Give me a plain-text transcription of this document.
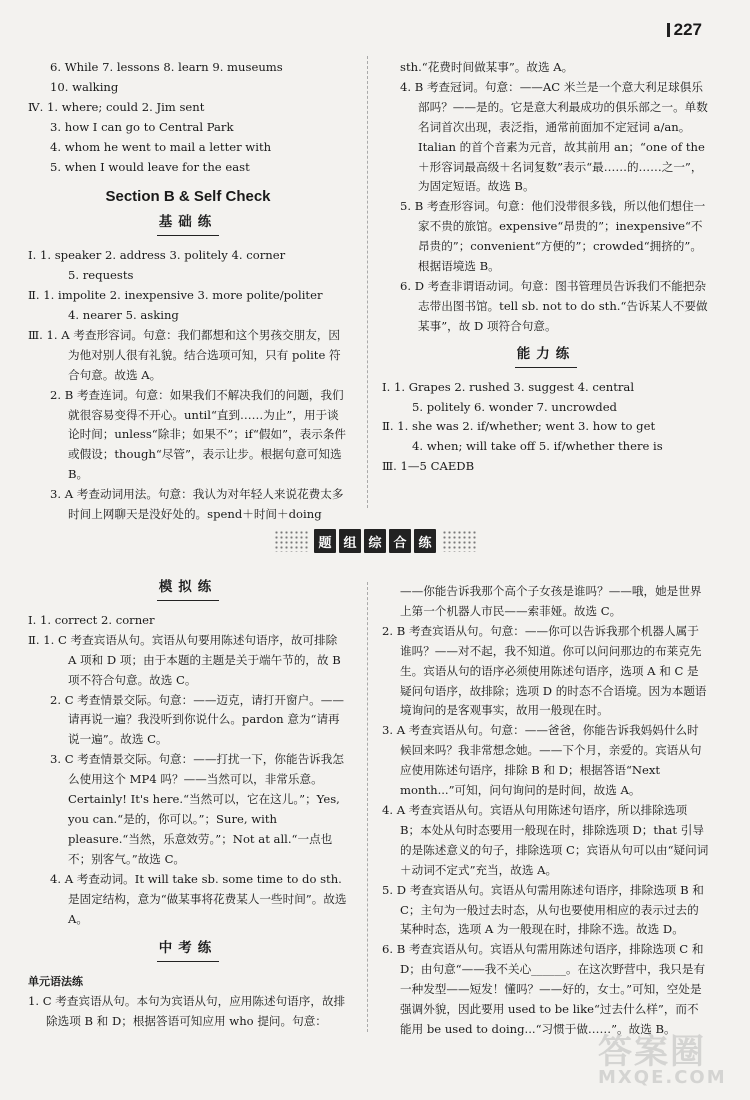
227
6. While 7. lessons 8. learn 9. museums
10. walking
Ⅳ. 1. where; could 2. Jim sent
3. how I can go to Central Park
4. whom he went to mail a letter with
5. when I would leave for the east
Section B & Self Check
基础练
Ⅰ. 1. speaker 2. address 3. politely 4. corner
5. requests
Ⅱ. 1. impolite 2. inexpensive 3. more polite/politer
4. nearer 5. asking
Ⅲ. 1. A 考查形容词。句意：我们都想和这个男孩交朋友，因为他对别人很有礼貌。结合选项可知，只有 polite 符合句意。故选 A。
2. B 考查连词。句意：如果我们不解决我们的问题，我们就很容易变得不开心。until“直到……为止”，用于谈论时间；unless“除非；如果不”；if“假如”，表示条件或假设；though“尽管”，表示让步。根据句意可知选 B。
3. A 考查动词用法。句意：我认为对年轻人来说花费太多时间上网聊天是没好处的。spend＋时间＋doing
sth.“花费时间做某事”。故选 A。
4. B 考查冠词。句意：——AC 米兰是一个意大利足球俱乐部吗？——是的。它是意大利最成功的俱乐部之一。单数名词首次出现，表泛指，通常前面加不定冠词 a/an。Italian 的首个音素为元音，故其前用 an；“one of the＋形容词最高级＋名词复数”表示“最……的……之一”，为固定短语。故选 B。
5. B 考查形容词。句意：他们没带很多钱，所以他们想住一家不贵的旅馆。expensive“昂贵的”；inexpensive“不昂贵的”；convenient“方便的”；crowded“拥挤的”。根据语境选 B。
6. D 考查非谓语动词。句意：图书管理员告诉我们不能把杂志带出图书馆。tell sb. not to do sth.“告诉某人不要做某事”，故 D 项符合句意。
能力练
Ⅰ. 1. Grapes 2. rushed 3. suggest 4. central
5. politely 6. wonder 7. uncrowded
Ⅱ. 1. she was 2. if/whether; went 3. how to get
4. when; will take off 5. if/whether there is
Ⅲ. 1—5 CAEDB
题 组 综 合 练
模拟练
Ⅰ. 1. correct 2. corner
Ⅱ. 1. C 考查宾语从句。宾语从句要用陈述句语序，故可排除 A 项和 D 项；由于本题的主题是关于端午节的，故 B 项不符合句意。故选 C。
2. C 考查情景交际。句意：——迈克，请打开窗户。——请再说一遍？我没听到你说什么。pardon 意为“请再说一遍”。故选 C。
3. C 考查情景交际。句意：——打扰一下，你能告诉我怎么使用这个 MP4 吗？——当然可以，非常乐意。Certainly! It's here.“当然可以，它在这儿。”；Yes, you can.“是的，你可以。”；Sure, with pleasure.“当然，乐意效劳。”；Not at all.“一点也不；别客气。”故选 C。
4. A 考查动词。It will take sb. some time to do sth. 是固定结构，意为“做某事将花费某人一些时间”。故选 A。
中考练
单元语法练
1. C 考查宾语从句。本句为宾语从句，应用陈述句语序，故排除选项 B 和 D；根据答语可知应用 who 提问。句意：
——你能告诉我那个高个子女孩是谁吗？——哦，她是世界上第一个机器人市民——索菲娅。故选 C。
2. B 考查宾语从句。句意：——你可以告诉我那个机器人属于谁吗？——对不起，我不知道。你可以问问那边的布莱克先生。宾语从句的语序必须使用陈述句语序，选项 A 和 C 是疑问句语序，故排除；选项 D 的时态不合语境。因为本题语境询问的是客观事实，故用一般现在时。
3. A 考查宾语从句。句意：——爸爸，你能告诉我妈妈什么时候回来吗？我非常想念她。——下个月，亲爱的。宾语从句应使用陈述句语序，排除 B 和 D；根据答语“Next month...”可知，问句询问的是时间，故选 A。
4. A 考查宾语从句。宾语从句用陈述句语序，所以排除选项 B；本处从句时态要用一般现在时，排除选项 D；that 引导的是陈述意义的句子，排除选项 C；宾语从句可以由“疑问词＋动词不定式”充当，故选 A。
5. D 考查宾语从句。宾语从句需用陈述句语序，排除选项 B 和 C；主句为一般过去时态，从句也要使用相应的表示过去的某种时态，选项 A 为一般现在时，排除不选。故选 D。
6. B 考查宾语从句。宾语从句需用陈述句语序，排除选项 C 和 D；由句意“——我不关心______。在这次野营中，我只是有一种发型——短发！懂吗？——好的，女士。”可知，空处是强调外貌，因此要用 used to be like“过去什么样”，而不能用 be used to doing...“习惯于做……”。故选 B。
答案圈
MXQE.COM
